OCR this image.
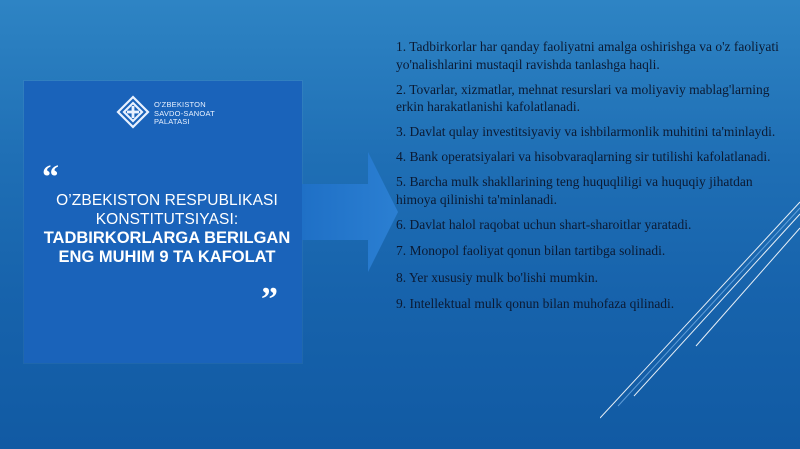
O'ZBEKISTON
SAVDO-SANOAT
PALATASI
“
O’ZBEKISTON RESPUBLIKASI
KONSTITUTSIYASI:
TADBIRKORLARGA BERILGAN
ENG MUHIM 9 TA KAFOLAT
”
1. Tadbirkorlar har qanday faoliyatni amalga oshirishga va o'z faoliyati yo'nalishlarini mustaqil ravishda tanlashga haqli.
2. Tovarlar, xizmatlar, mehnat resurslari va moliyaviy mablag'larning erkin harakatlanishi kafolatlanadi.
3. Davlat qulay investitsiyaviy va ishbilarmonlik muhitini ta'minlaydi.
4. Bank operatsiyalari va hisobvaraqlarning sir tutilishi kafolatlanadi.
5. Barcha mulk shakllarining teng huquqliligi va huquqiy jihatdan himoya qilinishi ta'minlanadi.
6. Davlat halol raqobat uchun shart-sharoitlar yaratadi.
7. Monopol faoliyat qonun bilan tartibga solinadi.
8. Yer xususiy mulk bo'lishi mumkin.
9. Intellektual mulk qonun bilan muhofaza qilinadi.
